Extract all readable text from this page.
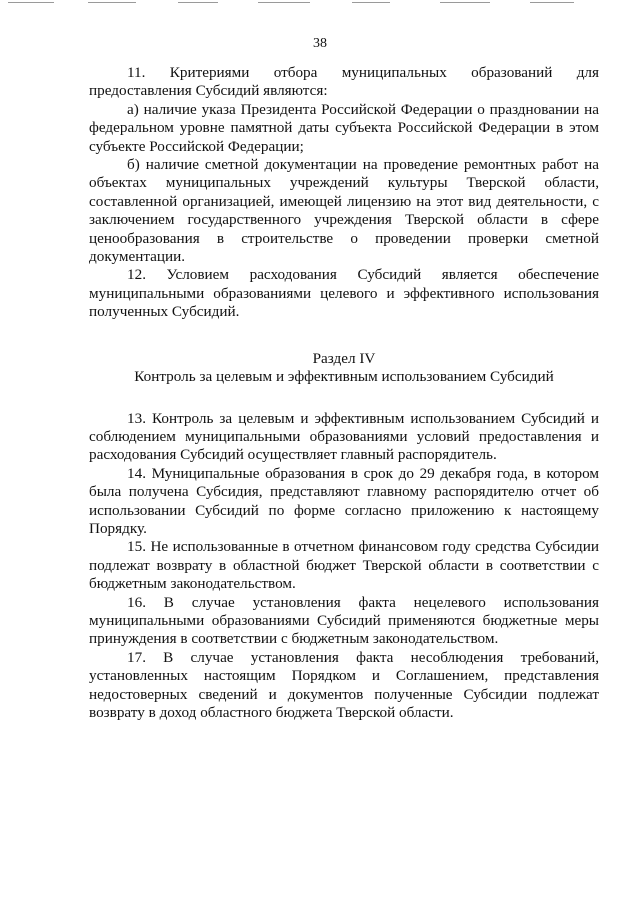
38

11. Критериями отбора муниципальных образований для предоставления Субсидий являются:

а) наличие указа Президента Российской Федерации о праздновании на федеральном уровне памятной даты субъекта Российской Федерации в этом субъекте Российской Федерации;

б) наличие сметной документации на проведение ремонтных работ на объектах муниципальных учреждений культуры Тверской области, составленной организацией, имеющей лицензию на этот вид деятельности, с заключением государственного учреждения Тверской области в сфере ценообразования в строительстве о проведении проверки сметной документации.

12. Условием расходования Субсидий является обеспечение муниципальными образованиями целевого и эффективного использования полученных Субсидий.

Раздел IV
Контроль за целевым и эффективным использованием Субсидий

13. Контроль за целевым и эффективным использованием Субсидий и соблюдением муниципальными образованиями условий предоставления и расходования Субсидий осуществляет главный распорядитель.

14. Муниципальные образования в срок до 29 декабря года, в котором была получена Субсидия, представляют главному распорядителю отчет об использовании Субсидий по форме согласно приложению к настоящему Порядку.

15. Не использованные в отчетном финансовом году средства Субсидии подлежат возврату в областной бюджет Тверской области в соответствии с бюджетным законодательством.

16. В случае установления факта нецелевого использования муниципальными образованиями Субсидий применяются бюджетные меры принуждения в соответствии с бюджетным законодательством.

17. В случае установления факта несоблюдения требований, установленных настоящим Порядком и Соглашением, представления недостоверных сведений и документов полученные Субсидии подлежат возврату в доход областного бюджета Тверской области.
